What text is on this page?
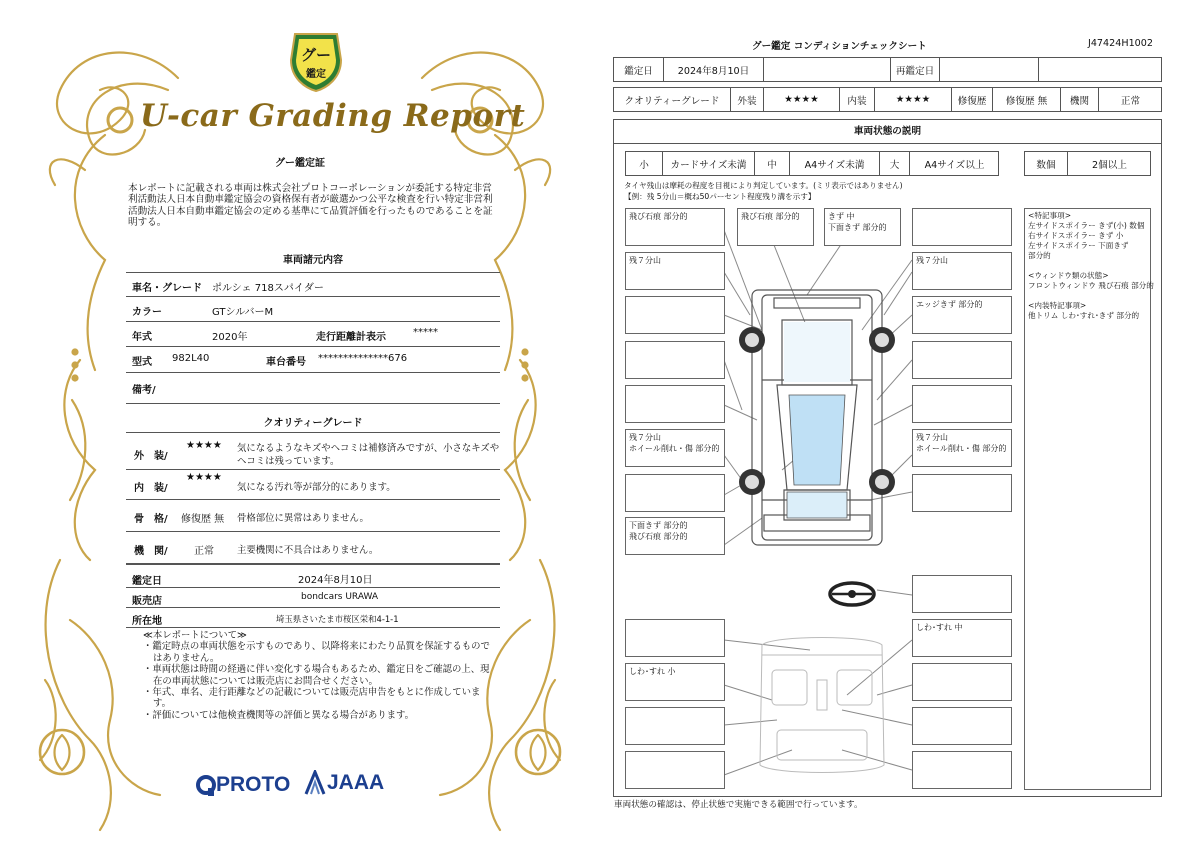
グー
鑑定
U-car Grading Report
グー鑑定証
本レポートに記載される車両は株式会社プロトコーポレーションが委託する特定非営利活動法人日本自動車鑑定協会の資格保有者が厳選かつ公平な検査を行い特定非営利活動法人日本自動車鑑定協会の定める基準にて品質評価を行ったものであることを証明する。
車両諸元内容
車名・グレード ポルシェ 718スパイダー
カラー	GTシルバーM
年式	2020年	走行距離計表示	*****
型式 982L40	車台番号 **************676
備考/
クオリティーグレード
外　装/
★★★★ 気になるようなキズやヘコミは補修済みですが、小さなキズや
ヘコミは残っています。
内　装/
★★★★
気になる汚れ等が部分的にあります。
骨　格/ 修復歴 無 骨格部位に異常はありません。
機　関/	正常 主要機関に不具合はありません。
鑑定日	2024年8月10日
販売店	bondcars URAWA
所在地	埼玉県さいたま市桜区栄和4-1-1
≪本レポートについて≫
・鑑定時点の車両状態を示すものであり、以降将来にわたり品質を保証するものではありません。
・車両状態は時間の経過に伴い変化する場合もあるため、鑑定日をご確認の上、現在の車両状態については販売店にお問合せください。
・年式、車名、走行距離などの記載については販売店申告をもとに作成しています。
・評価については他検査機関等の評価と異なる場合があります。
PROTO JAAA
グー鑑定 コンディションチェックシート	J47424H1002
鑑定日	2024年8月10日	再鑑定日
クオリティーグレード	外装	★★★★	内装	★★★★	修復歴	修復歴 無	機関	正常
車両状態の説明
小	カードサイズ未満	中	A4サイズ未満	大	A4サイズ以上	数個	2個以上
タイヤ残山は摩耗の程度を目視により判定しています。(ミリ表示ではありません)
【例：残 5分山＝概ね50パーセント程度残り溝を示す】
飛び石痕 部分的	飛び石痕 部分的	きず 中
下面きず 部分的
残７分山	残７分山
エッジきず 部分的
残７分山
ホイール削れ・傷 部分的
残７分山
ホイール削れ・傷 部分的
下面きず 部分的
飛び石痕 部分的
しわ･すれ 中
しわ･すれ 小
<特記事項>
左サイドスポイラー きず(小) 数個
右サイドスポイラー きず 小
左サイドスポイラー 下面きず
部分的
<ウィンドウ類の状態>
フロントウィンドウ 飛び石痕 部分的
<内装特記事項>
他トリム しわ･すれ･きず 部分的
車両状態の確認は、停止状態で実施できる範囲で行っています。
